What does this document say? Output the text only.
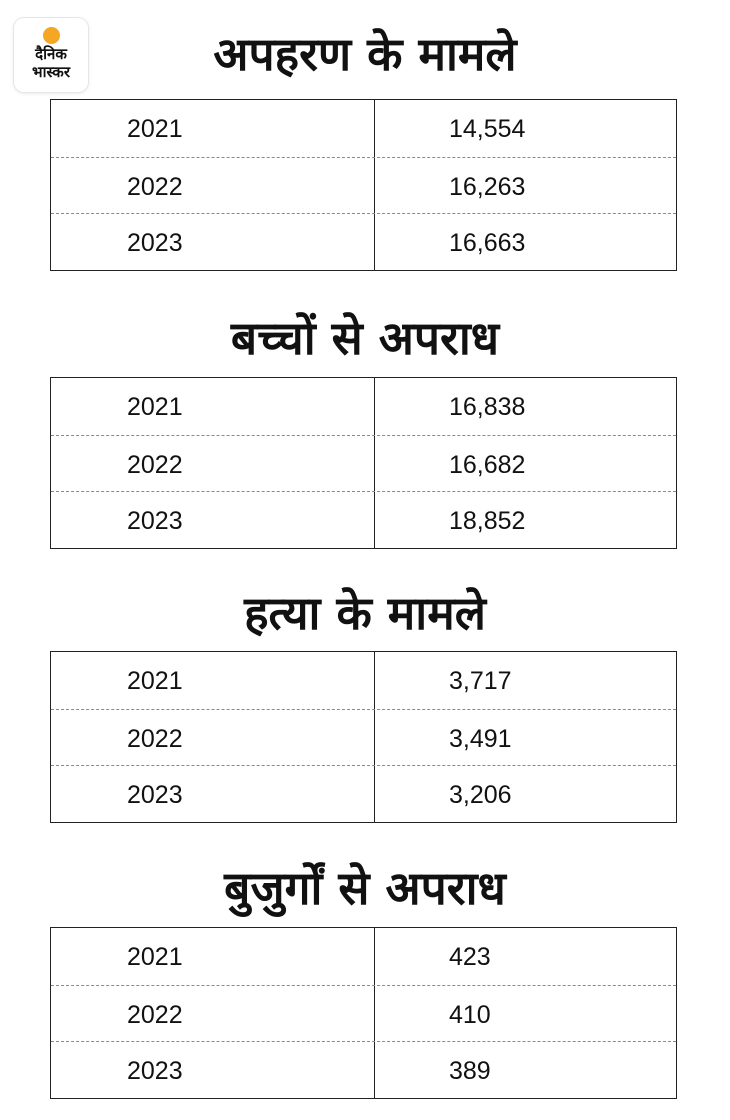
दैनिक
भास्कर	अपहरण के मामले
2021	14,554
2022	16,263
2023	16,663
बच्चों से अपराध
2021	16,838
2022	16,682
2023	18,852
हत्या के मामले
2021	3,717
2022	3,491
2023	3,206
बुजुर्गों से अपराध
2021	423
2022	410
2023	389
